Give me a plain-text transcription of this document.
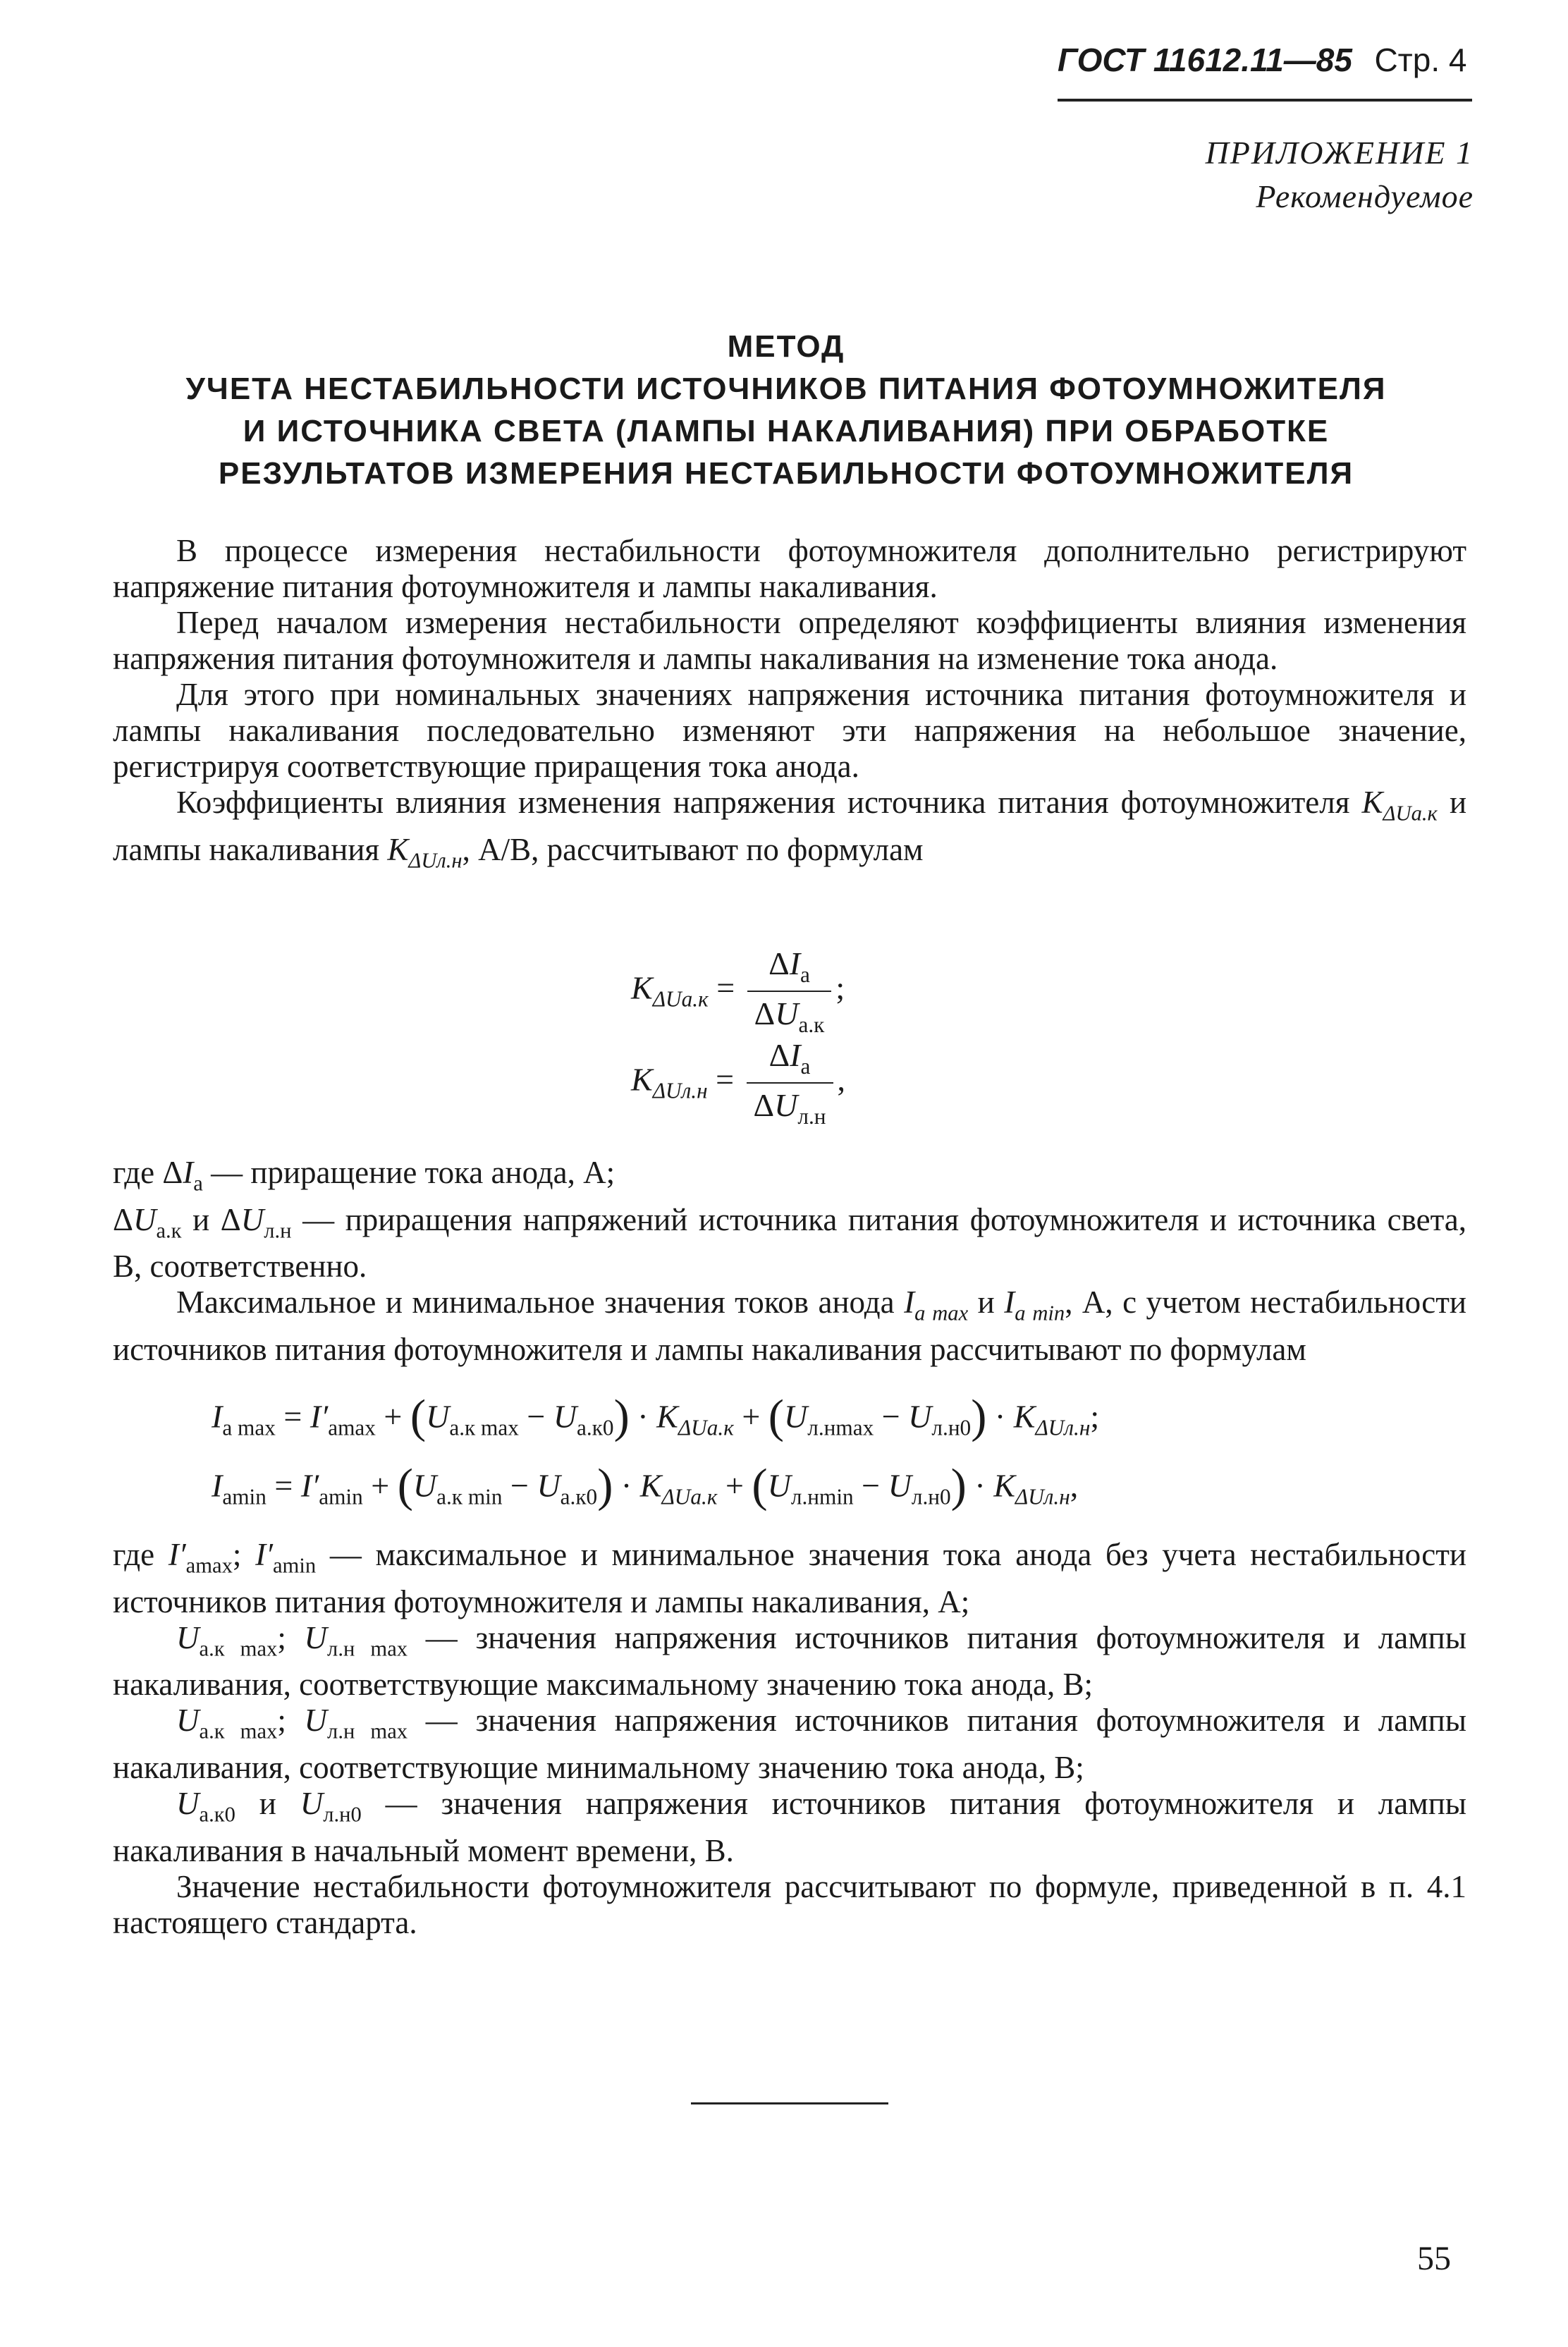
ГОСТ 11612.11—85 Стр. 4
ПРИЛОЖЕНИЕ 1
Рекомендуемое
МЕТОД
УЧЕТА НЕСТАБИЛЬНОСТИ ИСТОЧНИКОВ ПИТАНИЯ ФОТОУМНОЖИТЕЛЯ
И ИСТОЧНИКА СВЕТА (ЛАМПЫ НАКАЛИВАНИЯ) ПРИ ОБРАБОТКЕ
РЕЗУЛЬТАТОВ ИЗМЕРЕНИЯ НЕСТАБИЛЬНОСТИ ФОТОУМНОЖИТЕЛЯ

В процессе измерения нестабильности фотоумножителя дополнительно регистрируют напряжение питания фотоумножителя и лампы накаливания.

Перед началом измерения нестабильности определяют коэффициенты влияния изменения напряжения питания фотоумножителя и лампы накаливания на изменение тока анода.

Для этого при номинальных значениях напряжения источника питания фотоумножителя и лампы накаливания последовательно изменяют эти напряжения на небольшое значение, регистрируя соответствующие приращения тока анода.

Коэффициенты влияния изменения напряжения источника питания фотоумножителя $K_{\Delta Uа.к}$ и лампы накаливания $K_{\Delta Uл.н}$, A/B, рассчитывают по формулам

$K_{\Delta Uа.к} = \frac{\Delta I_а}{\Delta U_{а.к}}$ ;
$K_{\Delta Uл.н} = \frac{\Delta I_а}{\Delta U_{л.н}}$ ,

где $\Delta I_а$ — приращение тока анода, А;

$\Delta U_{а.к}$ и $\Delta U_{л.н}$ — приращения напряжений источника питания фотоумножителя и источника света, В, соответственно.

Максимальное и минимальное значения токов анода $I_{a max}$ и $I_{a min}$, А, с учетом нестабильности источников питания фотоумножителя и лампы накаливания рассчитывают по формулам

$I_{а max} = I'_{amax} + (U_{а.к max} - U_{а.к0}) \cdot K_{\Delta Uа.к} + (U_{л.нmax} - U_{л.н0}) \cdot K_{\Delta Uл.н}$;
$I_{amin} = I'_{amin} + (U_{а.к min} - U_{а.к0}) \cdot K_{\Delta Uа.к} + (U_{л.нmin} - U_{л.н0}) \cdot K_{\Delta Uл.н}$,

где $I'_{amax}$; $I'_{amin}$ — максимальное и минимальное значения тока анода без учета нестабильности источников питания фотоумножителя и лампы накаливания, А;

$U_{а.к max}$; $U_{л.н max}$ — значения напряжения источников питания фотоумножителя и лампы накаливания, соответствующие максимальному значению тока анода, В;

$U_{а.к max}$; $U_{л.н max}$ — значения напряжения источников питания фотоумножителя и лампы накаливания, соответствующие минимальному значению тока анода, В;

$U_{а.к0}$ и $U_{л.н0}$ — значения напряжения источников питания фотоумножителя и лампы накаливания в начальный момент времени, В.

Значение нестабильности фотоумножителя рассчитывают по формуле, приведенной в п. 4.1 настоящего стандарта.

55
